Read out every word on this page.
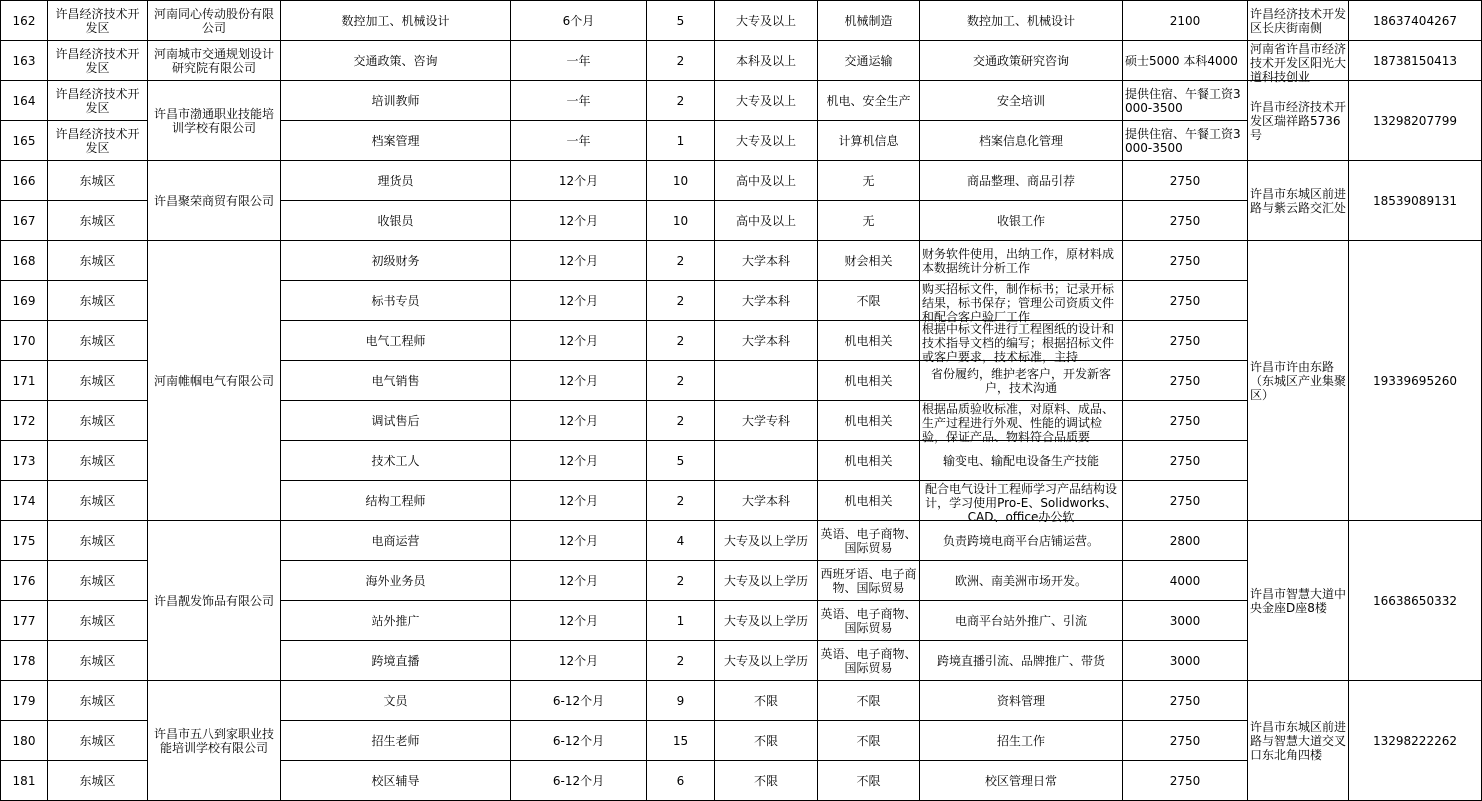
162	许昌经济技术开发区	河南同心传动股份有限公司	数控加工、机械设计	6个月	5	大专及以上	机械制造	数控加工、机械设计	2100	许昌经济技术开发区长庆街南侧	18637404267
163	许昌经济技术开发区	河南城市交通规划设计研究院有限公司	交通政策、咨询	一年	2	本科及以上	交通运输	交通政策研究咨询	硕士5000 本科4000	河南省许昌市经济技术开发区阳光大道科技创业	18738150413
164	许昌经济技术开发区	许昌市渤通职业技能培训学校有限公司	培训教师	一年	2	大专及以上	机电、安全生产	安全培训	提供住宿、午餐工资3000-3500	许昌市经济技术开发区瑞祥路5736号	13298207799
165	许昌经济技术开发区		档案管理	一年	1	大专及以上	计算机信息	档案信息化管理	提供住宿、午餐工资3000-3500		
166	东城区	许昌聚荣商贸有限公司	理货员	12个月	10	高中及以上	无	商品整理、商品引荐	2750	许昌市东城区前进路与紫云路交汇处	18539089131
167	东城区		收银员	12个月	10	高中及以上	无	收银工作	2750		
168	东城区	河南帷帼电气有限公司	初级财务	12个月	2	大学本科	财会相关	财务软件使用，出纳工作，原材料成本数据统计分析工作	2750	许昌市许由东路（东城区产业集聚区）	19339695260
169	东城区		标书专员	12个月	2	大学本科	不限	购买招标文件，制作标书；记录开标结果，标书保存；管理公司资质文件和配合客户验厂工作	2750		
170	东城区		电气工程师	12个月	2	大学本科	机电相关	根据中标文件进行工程图纸的设计和技术指导文档的编写；根据招标文件或客户要求，技术标准，主持	2750		
171	东城区		电气销售	12个月	2		机电相关	省份履约，维护老客户，开发新客户，技术沟通	2750		
172	东城区		调试售后	12个月	2	大学专科	机电相关	根据品质验收标准，对原料、成品、生产过程进行外观、性能的调试检验，保证产品、物料符合品质要	2750		
173	东城区		技术工人	12个月	5		机电相关	输变电、输配电设备生产技能	2750		
174	东城区		结构工程师	12个月	2	大学本科	机电相关	配合电气设计工程师学习产品结构设计，学习使用Pro-E、Solidworks、CAD、office办公软	2750		
175	东城区	许昌靓发饰品有限公司	电商运营	12个月	4	大专及以上学历	英语、电子商物、国际贸易	负责跨境电商平台店铺运营。	2800	许昌市智慧大道中央金座D座8楼	16638650332
176	东城区		海外业务员	12个月	2	大专及以上学历	西班牙语、电子商物、国际贸易	欧洲、南美洲市场开发。	4000		
177	东城区		站外推广	12个月	1	大专及以上学历	英语、电子商物、国际贸易	电商平台站外推广、引流	3000		
178	东城区		跨境直播	12个月	2	大专及以上学历	英语、电子商物、国际贸易	跨境直播引流、品牌推广、带货	3000		
179	东城区	许昌市五八到家职业技能培训学校有限公司	文员	6-12个月	9	不限	不限	资料管理	2750	许昌市东城区前进路与智慧大道交叉口东北角四楼	13298222262
180	东城区		招生老师	6-12个月	15	不限	不限	招生工作	2750		
181	东城区		校区辅导	6-12个月	6	不限	不限	校区管理日常	2750		
